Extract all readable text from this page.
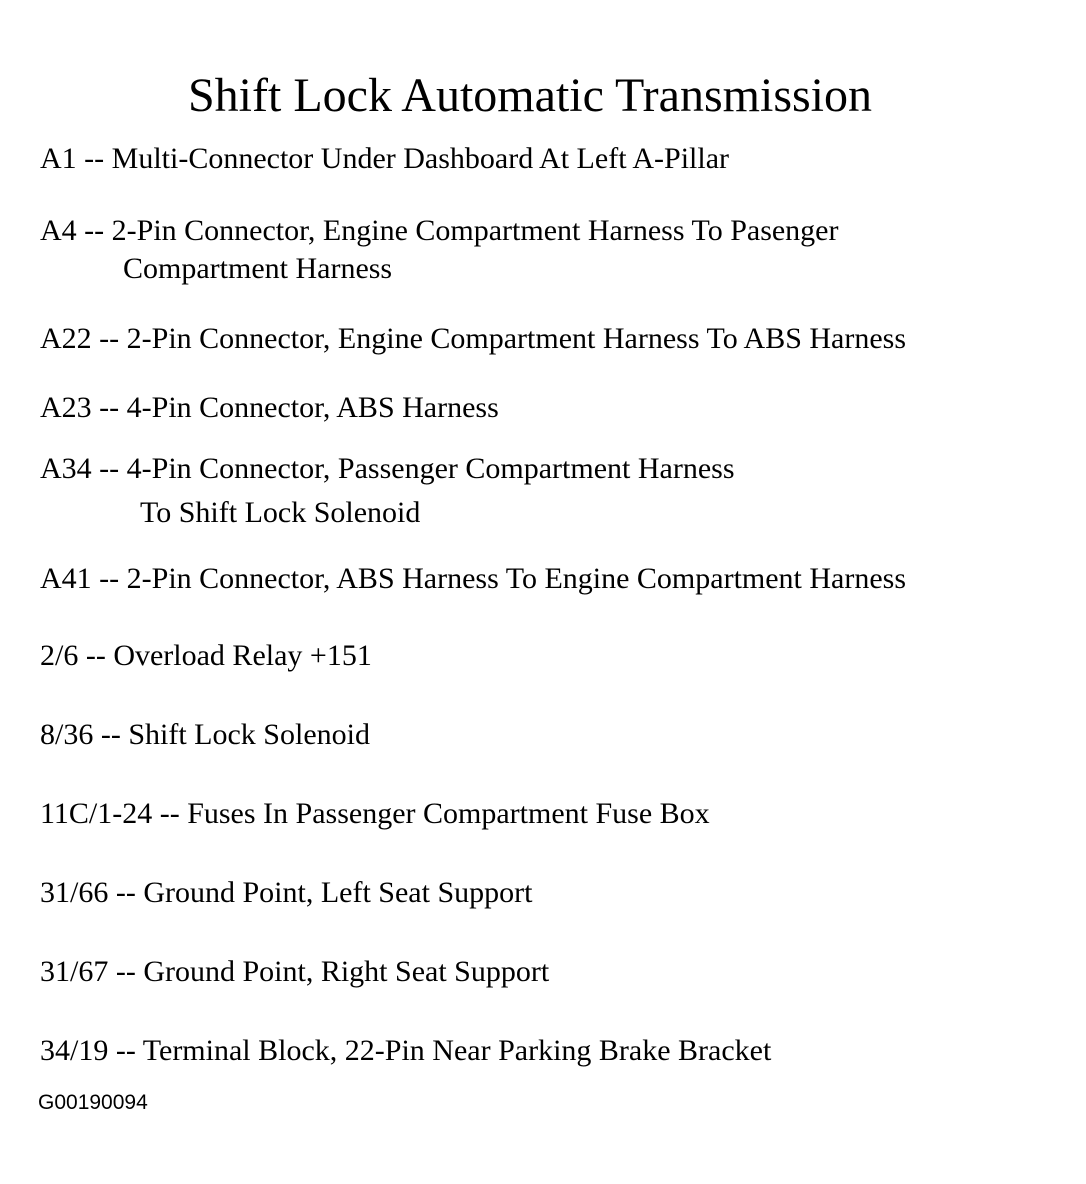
Shift Lock Automatic Transmission
A1 -- Multi-Connector Under Dashboard At Left A-Pillar
A4 -- 2-Pin Connector, Engine Compartment Harness To Pasenger
Compartment Harness
A22 -- 2-Pin Connector, Engine Compartment Harness To ABS Harness
A23 -- 4-Pin Connector, ABS Harness
A34 -- 4-Pin Connector, Passenger Compartment Harness
To Shift Lock Solenoid
A41 -- 2-Pin Connector, ABS Harness To Engine Compartment Harness
2/6 -- Overload Relay +151
8/36 -- Shift Lock Solenoid
11C/1-24 -- Fuses In Passenger Compartment Fuse Box
31/66 -- Ground Point, Left Seat Support
31/67 -- Ground Point, Right Seat Support
34/19 -- Terminal Block, 22-Pin Near Parking Brake Bracket
G00190094
